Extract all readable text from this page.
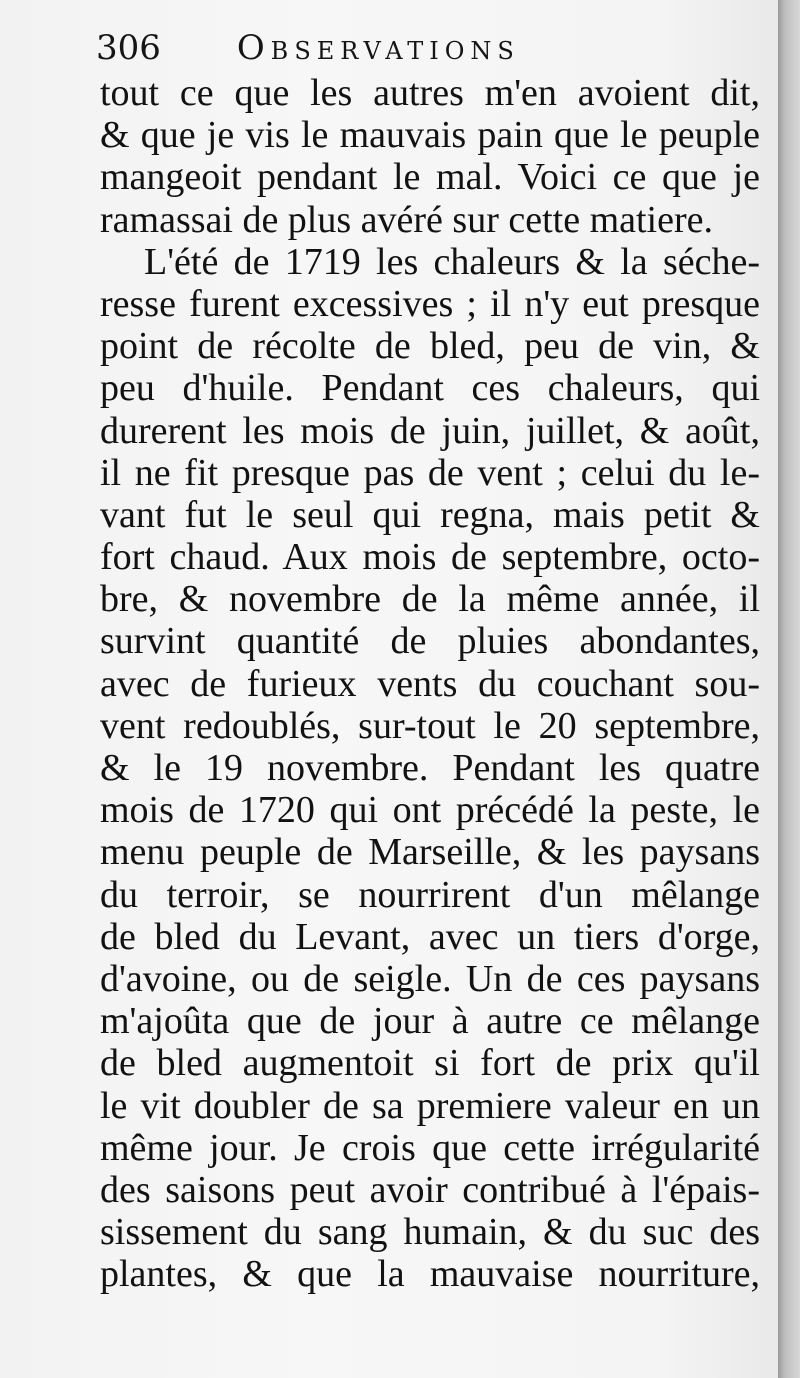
306 Observations
tout ce que les autres m'en avoient dit,
& que je vis le mauvais pain que le peuple
mangeoit pendant le mal. Voici ce que je
ramassai de plus avéré sur cette matiere.
L'été de 1719 les chaleurs & la séche-
resse furent excessives ; il n'y eut presque
point de récolte de bled, peu de vin, &
peu d'huile. Pendant ces chaleurs, qui
durerent les mois de juin, juillet, & août,
il ne fit presque pas de vent ; celui du le-
vant fut le seul qui regna, mais petit &
fort chaud. Aux mois de septembre, octo-
bre, & novembre de la même année, il
survint quantité de pluies abondantes,
avec de furieux vents du couchant sou-
vent redoublés, sur-tout le 20 septembre,
& le 19 novembre. Pendant les quatre
mois de 1720 qui ont précédé la peste, le
menu peuple de Marseille, & les paysans
du terroir, se nourrirent d'un mêlange
de bled du Levant, avec un tiers d'orge,
d'avoine, ou de seigle. Un de ces paysans
m'ajoûta que de jour à autre ce mêlange
de bled augmentoit si fort de prix qu'il
le vit doubler de sa premiere valeur en un
même jour. Je crois que cette irrégularité
des saisons peut avoir contribué à l'épais-
sissement du sang humain, & du suc des
plantes, & que la mauvaise nourriture,
